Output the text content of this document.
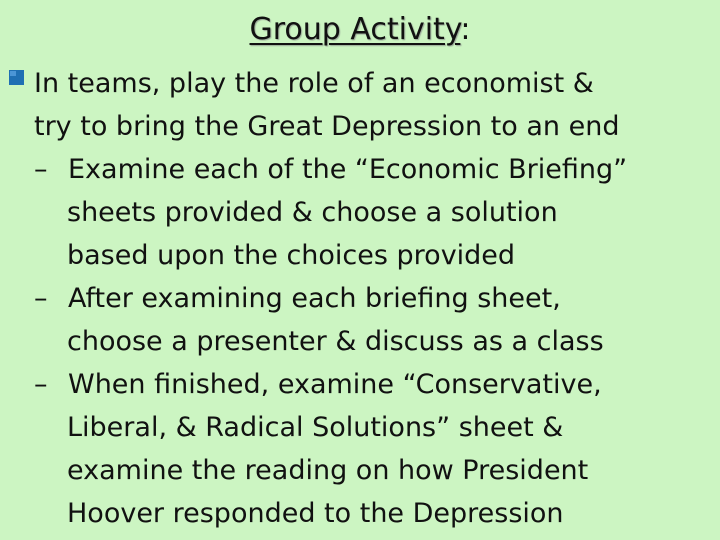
Group Activity:
In teams, play the role of an economist &
try to bring the Great Depression to an end
– Examine each of the “Economic Briefing”
sheets provided & choose a solution
based upon the choices provided
– After examining each briefing sheet,
choose a presenter & discuss as a class
– When finished, examine “Conservative,
Liberal, & Radical Solutions” sheet &
examine the reading on how President
Hoover responded to the Depression
